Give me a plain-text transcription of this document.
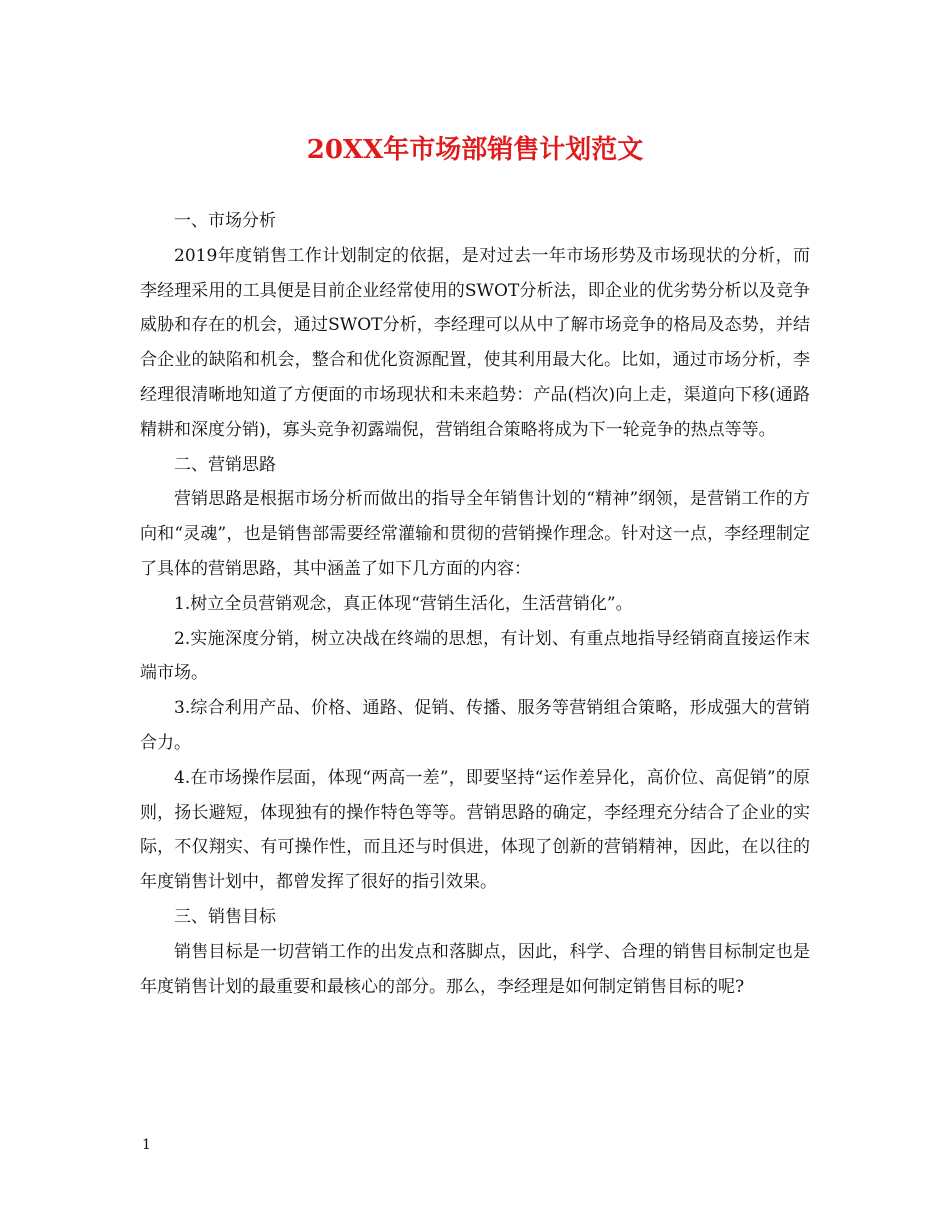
20XX年市场部销售计划范文

一、市场分析

2019年度销售工作计划制定的依据，是对过去一年市场形势及市场现状的分析，而李经理采用的工具便是目前企业经常使用的SWOT分析法，即企业的优劣势分析以及竞争威胁和存在的机会，通过SWOT分析，李经理可以从中了解市场竞争的格局及态势，并结合企业的缺陷和机会，整合和优化资源配置，使其利用最大化。比如，通过市场分析，李经理很清晰地知道了方便面的市场现状和未来趋势：产品(档次)向上走，渠道向下移(通路精耕和深度分销)，寡头竞争初露端倪，营销组合策略将成为下一轮竞争的热点等等。

二、营销思路

营销思路是根据市场分析而做出的指导全年销售计划的“精神”纲领，是营销工作的方向和“灵魂”，也是销售部需要经常灌输和贯彻的营销操作理念。针对这一点，李经理制定了具体的营销思路，其中涵盖了如下几方面的内容：

1.树立全员营销观念，真正体现“营销生活化，生活营销化”。

2.实施深度分销，树立决战在终端的思想，有计划、有重点地指导经销商直接运作末端市场。

3.综合利用产品、价格、通路、促销、传播、服务等营销组合策略，形成强大的营销合力。

4.在市场操作层面，体现“两高一差”，即要坚持“运作差异化，高价位、高促销”的原则，扬长避短，体现独有的操作特色等等。营销思路的确定，李经理充分结合了企业的实际，不仅翔实、有可操作性，而且还与时俱进，体现了创新的营销精神，因此，在以往的年度销售计划中，都曾发挥了很好的指引效果。

三、销售目标

销售目标是一切营销工作的出发点和落脚点，因此，科学、合理的销售目标制定也是年度销售计划的最重要和最核心的部分。那么，李经理是如何制定销售目标的呢?

1
